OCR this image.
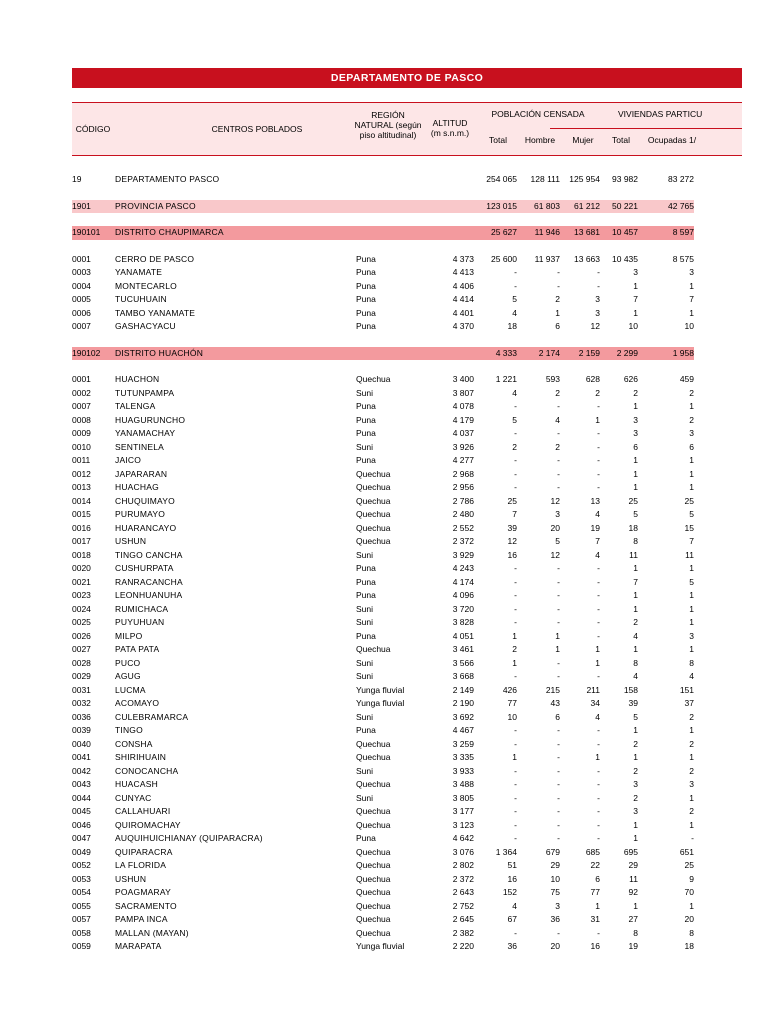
DEPARTAMENTO DE PASCO
CÓDIGO	CENTROS POBLADOS
REGIÓN NATURAL (según piso altitudinal)
ALTITUD (m s.n.m.)
POBLACIÓN CENSADA	VIVIENDAS PARTICU
Total	Hombre	Mujer	Total	Ocupadas 1/
19	DEPARTAMENTO PASCO	254 065	128 111	125 954	93 982	83 272
1901	PROVINCIA PASCO	123 015	61 803	61 212	50 221	42 765
190101	DISTRITO CHAUPIMARCA	25 627	11 946	13 681	10 457	8 597
0001	CERRO DE PASCO	Puna	4 373	25 600	11 937	13 663	10 435	8 575
0003	YANAMATE	Puna	4 413	-	-	-	3	3
0004	MONTECARLO	Puna	4 406	-	-	-	1	1
0005	TUCUHUAIN	Puna	4 414	5	2	3	7	7
0006	TAMBO YANAMATE	Puna	4 401	4	1	3	1	1
0007	GASHACYACU	Puna	4 370	18	6	12	10	10
190102	DISTRITO HUACHÓN	4 333	2 174	2 159	2 299	1 958
0001	HUACHON	Quechua	3 400	1 221	593	628	626	459
0002	TUTUNPAMPA	Suni	3 807	4	2	2	2	2
0007	TALENGA	Puna	4 078	-	-	-	1	1
0008	HUAGURUNCHO	Puna	4 179	5	4	1	3	2
0009	YANAMACHAY	Puna	4 037	-	-	-	3	3
0010	SENTINELA	Suni	3 926	2	2	-	6	6
0011	JAICO	Puna	4 277	-	-	-	1	1
0012	JAPARARAN	Quechua	2 968	-	-	-	1	1
0013	HUACHAG	Quechua	2 956	-	-	-	1	1
0014	CHUQUIMAYO	Quechua	2 786	25	12	13	25	25
0015	PURUMAYO	Quechua	2 480	7	3	4	5	5
0016	HUARANCAYO	Quechua	2 552	39	20	19	18	15
0017	USHUN	Quechua	2 372	12	5	7	8	7
0018	TINGO CANCHA	Suni	3 929	16	12	4	11	11
0020	CUSHURPATA	Puna	4 243	-	-	-	1	1
0021	RANRACANCHA	Puna	4 174	-	-	-	7	5
0023	LEONHUANUHA	Puna	4 096	-	-	-	1	1
0024	RUMICHACA	Suni	3 720	-	-	-	1	1
0025	PUYUHUAN	Suni	3 828	-	-	-	2	1
0026	MILPO	Puna	4 051	1	1	-	4	3
0027	PATA PATA	Quechua	3 461	2	1	1	1	1
0028	PUCO	Suni	3 566	1	-	1	8	8
0029	AGUG	Suni	3 668	-	-	-	4	4
0031	LUCMA	Yunga fluvial	2 149	426	215	211	158	151
0032	ACOMAYO	Yunga fluvial	2 190	77	43	34	39	37
0036	CULEBRAMARCA	Suni	3 692	10	6	4	5	2
0039	TINGO	Puna	4 467	-	-	-	1	1
0040	CONSHA	Quechua	3 259	-	-	-	2	2
0041	SHIRIHUAIN	Quechua	3 335	1	-	1	1	1
0042	CONOCANCHA	Suni	3 933	-	-	-	2	2
0043	HUACASH	Quechua	3 488	-	-	-	3	3
0044	CUNYAC	Suni	3 805	-	-	-	2	1
0045	CALLAHUARI	Quechua	3 177	-	-	-	3	2
0046	QUIROMACHAY	Quechua	3 123	-	-	-	1	1
0047	AUQUIHUICHIANAY (QUIPARACRA)	Puna	4 642	-	-	-	1	-
0049	QUIPARACRA	Quechua	3 076	1 364	679	685	695	651
0052	LA FLORIDA	Quechua	2 802	51	29	22	29	25
0053	USHUN	Quechua	2 372	16	10	6	11	9
0054	POAGMARAY	Quechua	2 643	152	75	77	92	70
0055	SACRAMENTO	Quechua	2 752	4	3	1	1	1
0057	PAMPA INCA	Quechua	2 645	67	36	31	27	20
0058	MALLAN (MAYAN)	Quechua	2 382	-	-	-	8	8
0059	MARAPATA	Yunga fluvial	2 220	36	20	16	19	18
